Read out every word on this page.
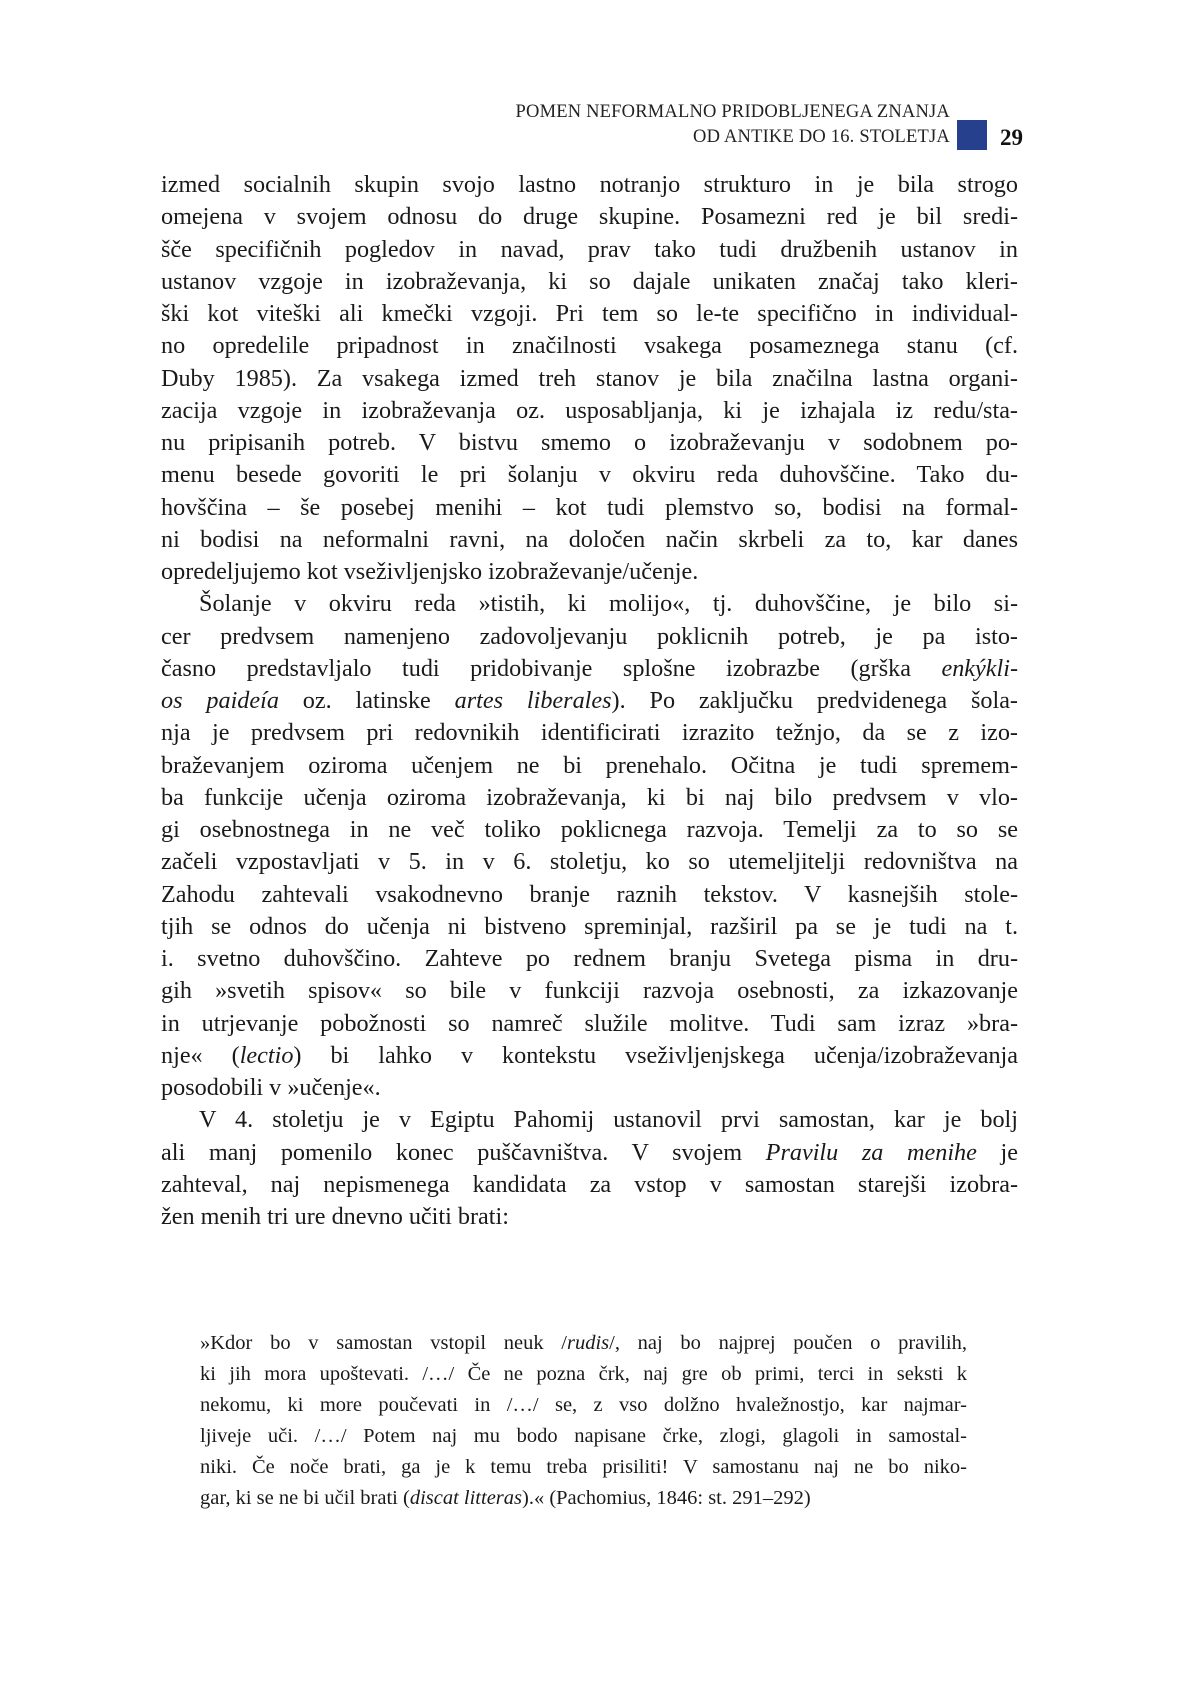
POMEN NEFORMALNO PRIDOBLJENEGA ZNANJA
OD ANTIKE DO 16. STOLETJA 29
izmed socialnih skupin svojo lastno notranjo strukturo in je bila strogo
omejena v svojem odnosu do druge skupine. Posamezni red je bil sredi-
šče specifičnih pogledov in navad, prav tako tudi družbenih ustanov in
ustanov vzgoje in izobraževanja, ki so dajale unikaten značaj tako kleri-
ški kot viteški ali kmečki vzgoji. Pri tem so le-te specifično in individual-
no opredelile pripadnost in značilnosti vsakega posameznega stanu (cf.
Duby 1985). Za vsakega izmed treh stanov je bila značilna lastna organi-
zacija vzgoje in izobraževanja oz. usposabljanja, ki je izhajala iz redu/sta-
nu pripisanih potreb. V bistvu smemo o izobraževanju v sodobnem po-
menu besede govoriti le pri šolanju v okviru reda duhovščine. Tako du-
hovščina – še posebej menihi – kot tudi plemstvo so, bodisi na formal-
ni bodisi na neformalni ravni, na določen način skrbeli za to, kar danes
opredeljujemo kot vseživljenjsko izobraževanje/učenje.
Šolanje v okviru reda »tistih, ki molijo«, tj. duhovščine, je bilo si-
cer predvsem namenjeno zadovoljevanju poklicnih potreb, je pa isto-
časno predstavljalo tudi pridobivanje splošne izobrazbe (grška enkýkli-
os paideía oz. latinske artes liberales). Po zaključku predvidenega šola-
nja je predvsem pri redovnikih identificirati izrazito težnjo, da se z izo-
braževanjem oziroma učenjem ne bi prenehalo. Očitna je tudi spremem-
ba funkcije učenja oziroma izobraževanja, ki bi naj bilo predvsem v vlo-
gi osebnostnega in ne več toliko poklicnega razvoja. Temelji za to so se
začeli vzpostavljati v 5. in v 6. stoletju, ko so utemeljitelji redovništva na
Zahodu zahtevali vsakodnevno branje raznih tekstov. V kasnejših stole-
tjih se odnos do učenja ni bistveno spreminjal, razširil pa se je tudi na t.
i. svetno duhovščino. Zahteve po rednem branju Svetega pisma in dru-
gih »svetih spisov« so bile v funkciji razvoja osebnosti, za izkazovanje
in utrjevanje pobožnosti so namreč služile molitve. Tudi sam izraz »bra-
nje« (lectio) bi lahko v kontekstu vseživljenjskega učenja/izobraževanja
posodobili v »učenje«.
V 4. stoletju je v Egiptu Pahomij ustanovil prvi samostan, kar je bolj
ali manj pomenilo konec puščavništva. V svojem Pravilu za menihe je
zahteval, naj nepismenega kandidata za vstop v samostan starejši izobra-
žen menih tri ure dnevno učiti brati:
»Kdor bo v samostan vstopil neuk /rudis/, naj bo najprej poučen o pravilih,
ki jih mora upoštevati. /…/ Če ne pozna črk, naj gre ob primi, terci in seksti k
nekomu, ki more poučevati in /…/ se, z vso dolžno hvaležnostjo, kar najmar-
ljiveje uči. /…/ Potem naj mu bodo napisane črke, zlogi, glagoli in samostal-
niki. Če noče brati, ga je k temu treba prisiliti! V samostanu naj ne bo niko-
gar, ki se ne bi učil brati (discat litteras).« (Pachomius, 1846: st. 291–292)
